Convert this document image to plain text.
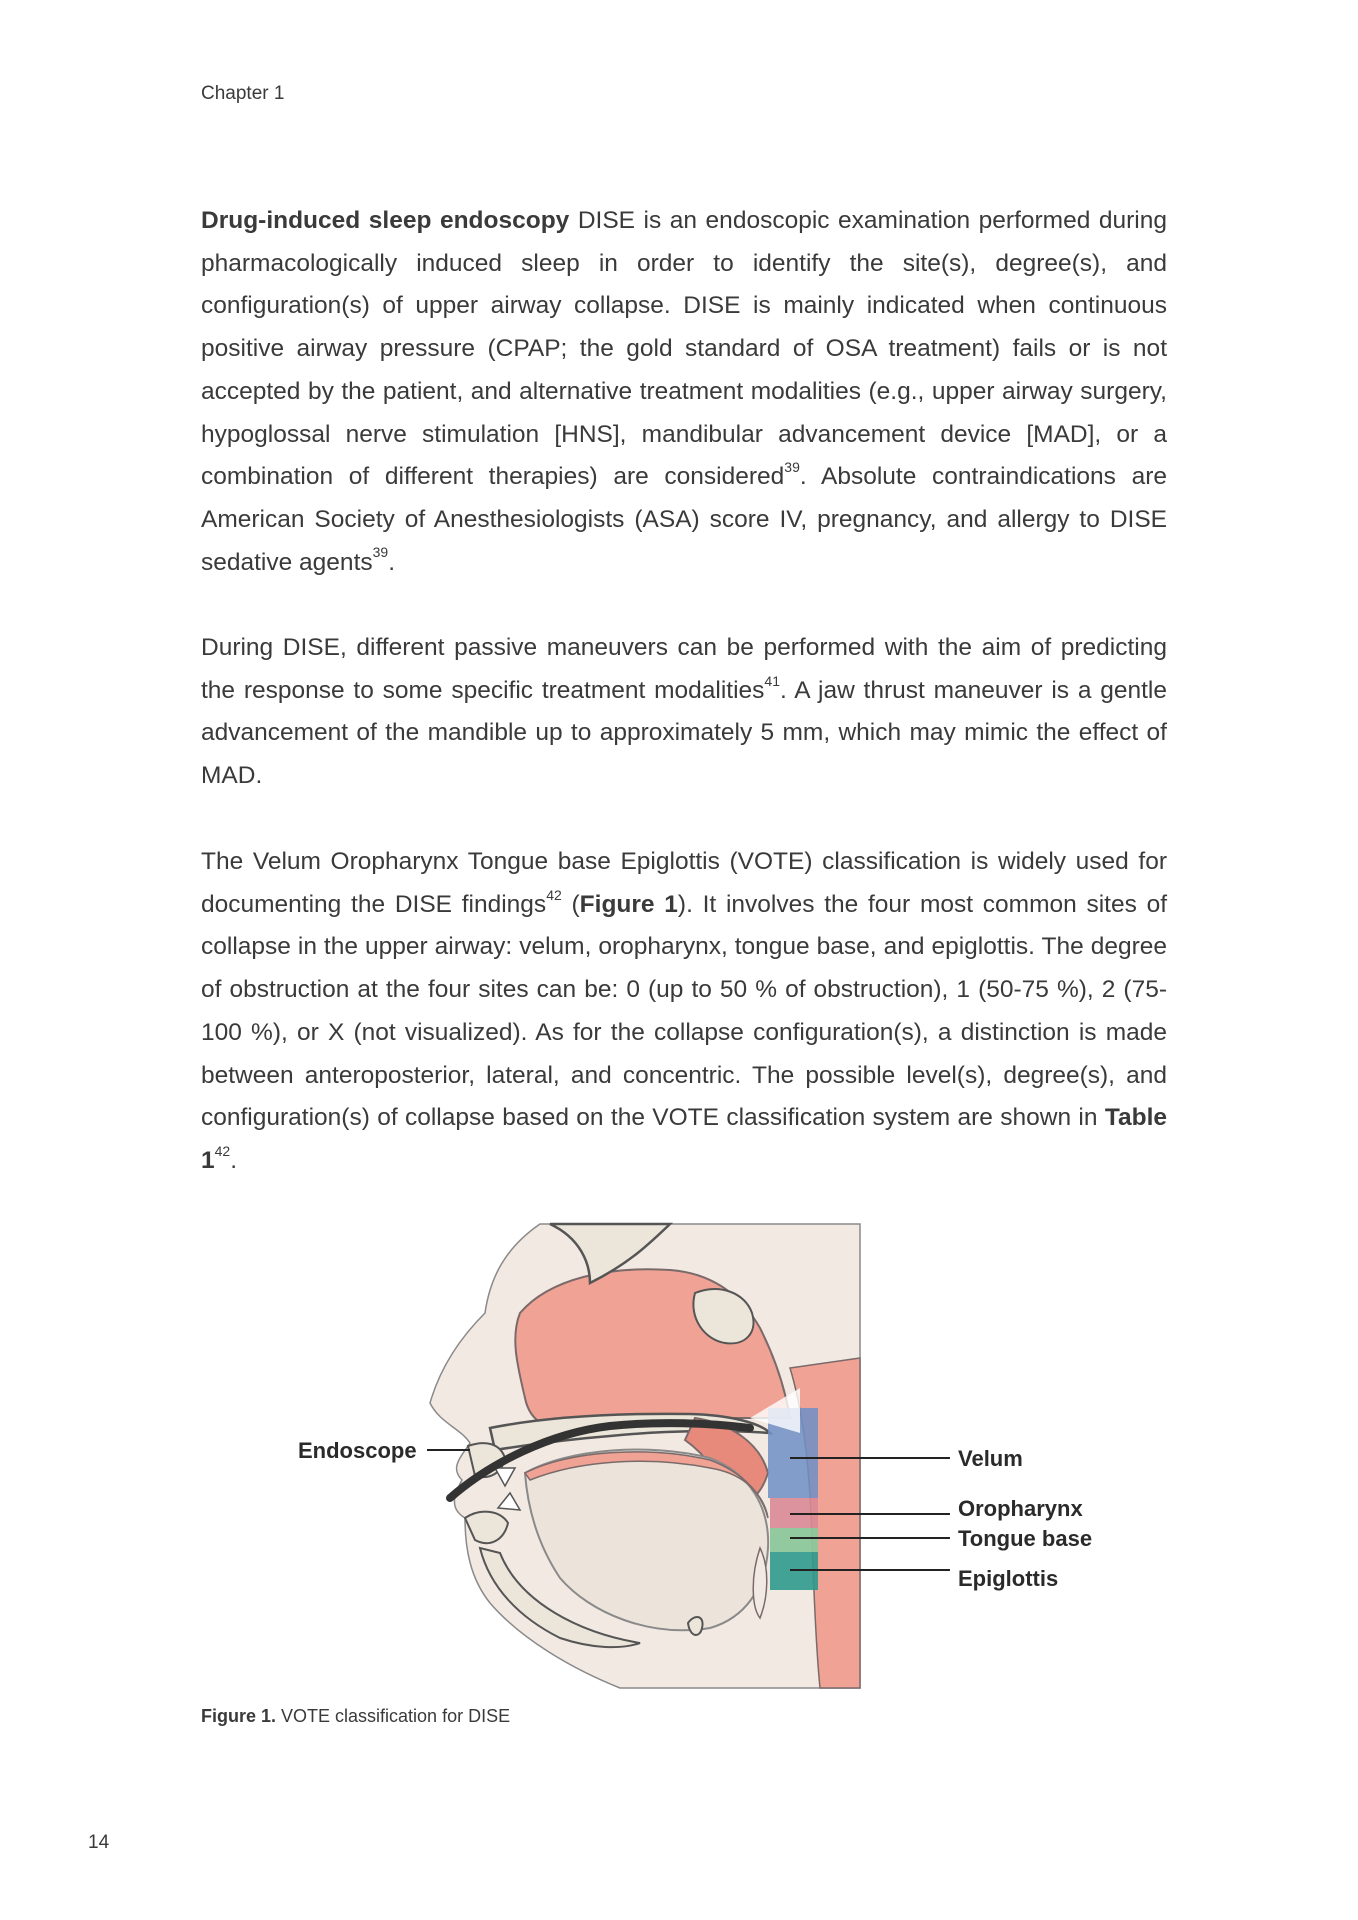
Chapter 1

Drug-induced sleep endoscopy DISE is an endoscopic examination performed during pharmacologically induced sleep in order to identify the site(s), degree(s), and configuration(s) of upper airway collapse. DISE is mainly indicated when continuous positive airway pressure (CPAP; the gold standard of OSA treatment) fails or is not accepted by the patient, and alternative treatment modalities (e.g., upper airway surgery, hypoglossal nerve stimulation [HNS], mandibular advancement device [MAD], or a combination of different therapies) are considered$^{39}$. Absolute contraindications are American Society of Anesthesiologists (ASA) score IV, pregnancy, and allergy to DISE sedative agents$^{39}$.

During DISE, different passive maneuvers can be performed with the aim of predicting the response to some specific treatment modalities$^{41}$. A jaw thrust maneuver is a gentle advancement of the mandible up to approximately 5 mm, which may mimic the effect of MAD.

The Velum Oropharynx Tongue base Epiglottis (VOTE) classification is widely used for documenting the DISE findings$^{42}$ (Figure 1). It involves the four most common sites of collapse in the upper airway: velum, oropharynx, tongue base, and epiglottis. The degree of obstruction at the four sites can be: 0 (up to 50 % of obstruction), 1 (50-75 %), 2 (75-100 %), or X (not visualized). As for the collapse configuration(s), a distinction is made between anteroposterior, lateral, and concentric. The possible level(s), degree(s), and configuration(s) of collapse based on the VOTE classification system are shown in Table $1^{42}$.

Endoscope	Velum
Oropharynx
Tongue base
Epiglottis
Figure 1. VOTE classification for DISE
14
